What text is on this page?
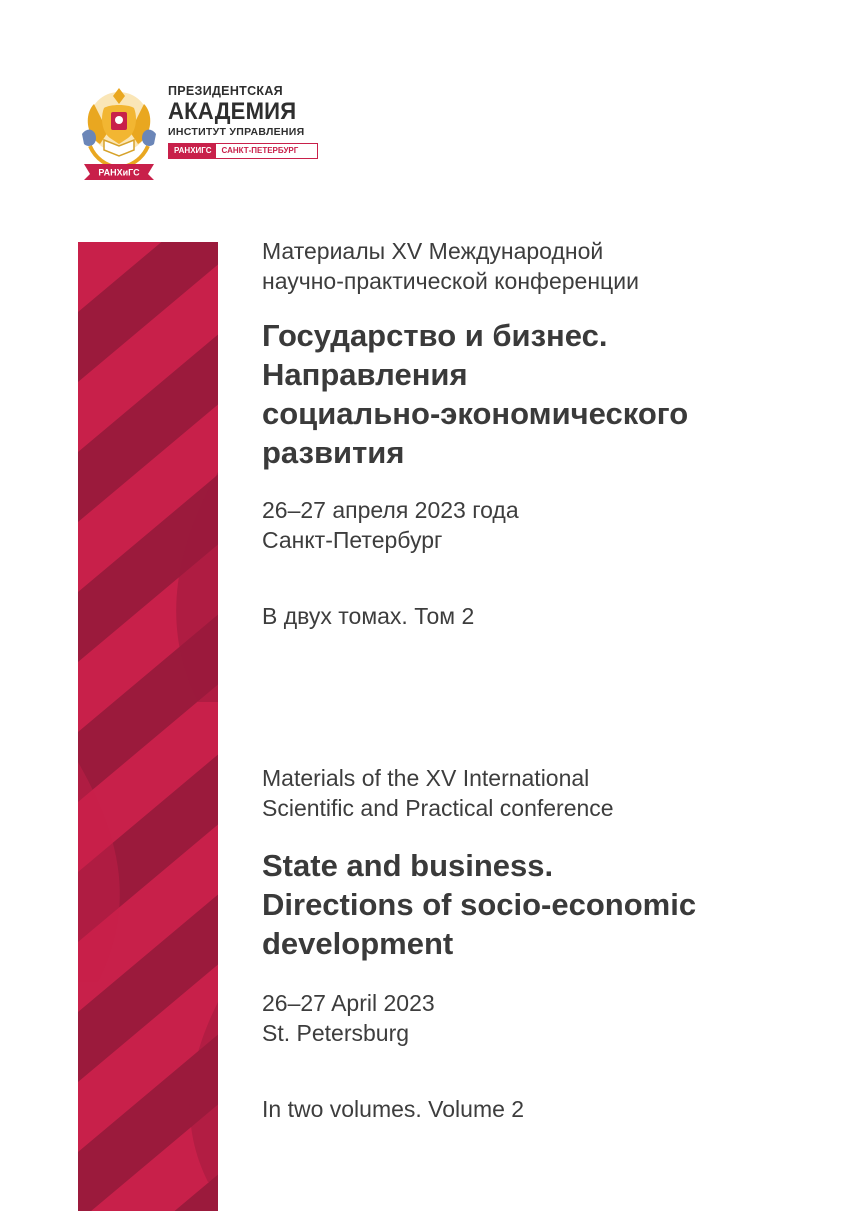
РАНХиГС
ПРЕЗИДЕНТСКАЯ
АКАДЕМИЯ
ИНСТИТУТ УПРАВЛЕНИЯ
РАНХИГС	САНКТ-ПЕТЕРБУРГ

Материалы XV Международной

научно-практической конференции

Государство и бизнес.

Направления

социально-экономического

развития

26–27 апреля 2023 года

Санкт-Петербург

В двух томах. Том 2

Materials of the XV International

Scientific and Practical conference

State and business.

Directions of socio-economic

development

26–27 April 2023

St. Petersburg

In two volumes. Volume 2
